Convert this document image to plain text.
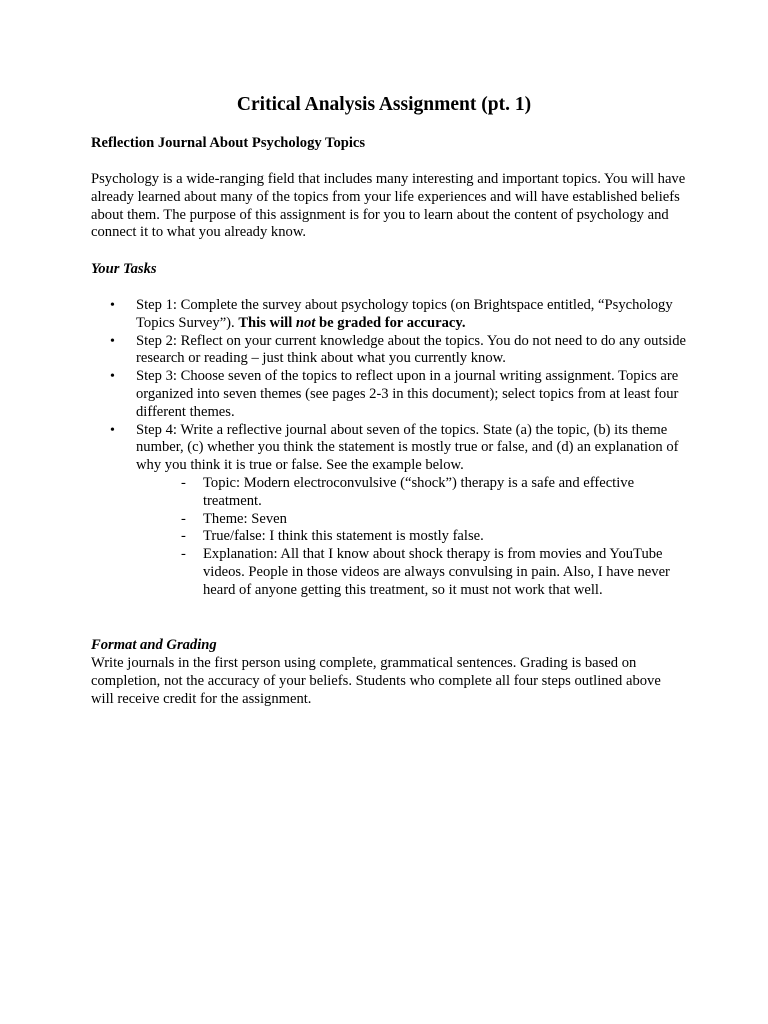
Critical Analysis Assignment (pt. 1)
Reflection Journal About Psychology Topics
Psychology is a wide-ranging field that includes many interesting and important topics. You will have already learned about many of the topics from your life experiences and will have established beliefs about them. The purpose of this assignment is for you to learn about the content of psychology and connect it to what you already know.
Your Tasks
• Step 1: Complete the survey about psychology topics (on Brightspace entitled, “Psychology Topics Survey”). This will not be graded for accuracy.
• Step 2: Reflect on your current knowledge about the topics. You do not need to do any outside research or reading – just think about what you currently know.
• Step 3: Choose seven of the topics to reflect upon in a journal writing assignment. Topics are organized into seven themes (see pages 2-3 in this document); select topics from at least four different themes.
• Step 4: Write a reflective journal about seven of the topics. State (a) the topic, (b) its theme number, (c) whether you think the statement is mostly true or false, and (d) an explanation of why you think it is true or false. See the example below.
- Topic: Modern electroconvulsive (“shock”) therapy is a safe and effective treatment.
- Theme: Seven
- True/false: I think this statement is mostly false.
- Explanation: All that I know about shock therapy is from movies and YouTube videos. People in those videos are always convulsing in pain. Also, I have never heard of anyone getting this treatment, so it must not work that well.
Format and Grading
Write journals in the first person using complete, grammatical sentences. Grading is based on completion, not the accuracy of your beliefs. Students who complete all four steps outlined above will receive credit for the assignment.
